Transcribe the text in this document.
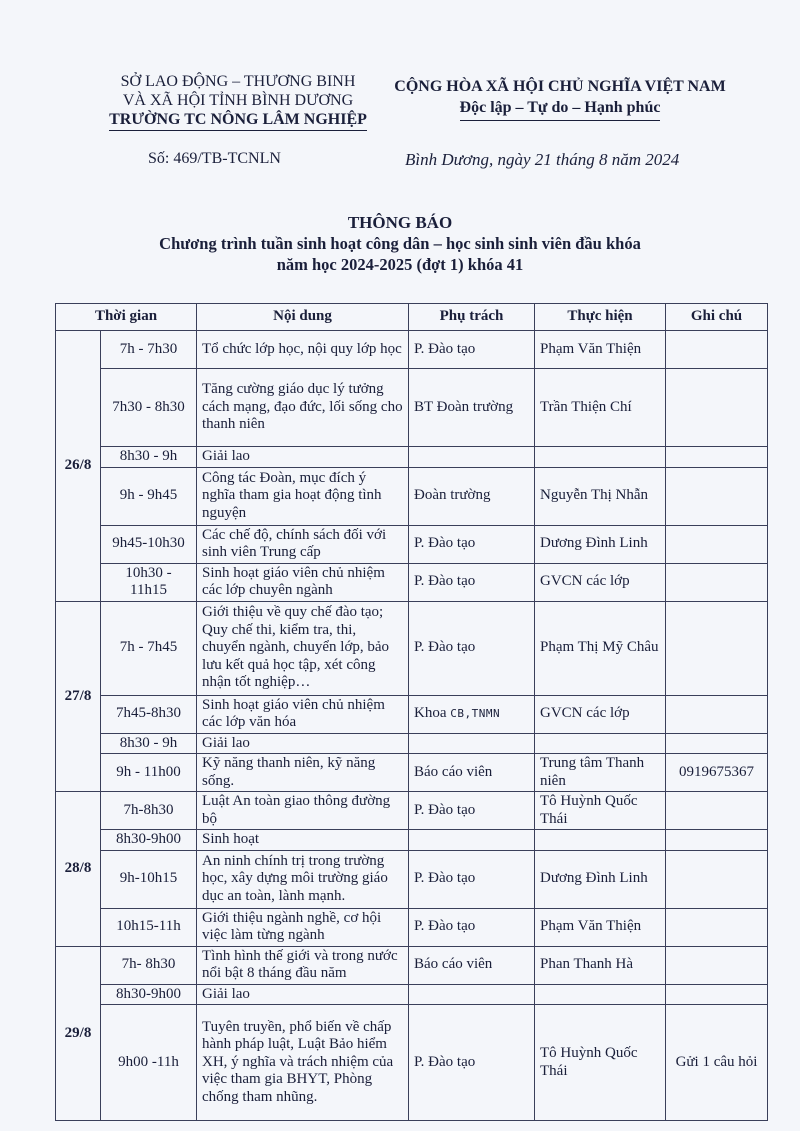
SỞ LAO ĐỘNG – THƯƠNG BINH
VÀ XÃ HỘI TỈNH BÌNH DƯƠNG
TRƯỜNG TC NÔNG LÂM NGHIỆP
CỘNG HÒA XÃ HỘI CHỦ NGHĨA VIỆT NAM
Độc lập – Tự do – Hạnh phúc
Số: 469/TB-TCNLN	Bình Dương, ngày 21 tháng 8 năm 2024
THÔNG BÁO
Chương trình tuần sinh hoạt công dân – học sinh sinh viên đầu khóa
năm học 2024-2025 (đợt 1) khóa 41
Thời gian		Nội dung	Phụ trách	Thực hiện	Ghi chú
26/8	7h - 7h30	Tổ chức lớp học, nội quy lớp học	P. Đào tạo	Phạm Văn Thiện	
	7h30 - 8h30	Tăng cường giáo dục lý tưởng cách mạng, đạo đức, lối sống cho thanh niên	BT Đoàn trường	Trần Thiện Chí	
	8h30 - 9h	Giải lao			
	9h - 9h45	Công tác Đoàn, mục đích ý nghĩa tham gia hoạt động tình nguyện	Đoàn trường	Nguyễn Thị Nhẫn	
	9h45-10h30	Các chế độ, chính sách đối với sinh viên Trung cấp	P. Đào tạo	Dương Đình Linh	
	10h30 - 11h15	Sinh hoạt giáo viên chủ nhiệm các lớp chuyên ngành	P. Đào tạo	GVCN các lớp	
27/8	7h - 7h45	Giới thiệu về quy chế đào tạo; Quy chế thi, kiểm tra, thi, chuyển ngành, chuyển lớp, bảo lưu kết quả học tập, xét công nhận tốt nghiệp…	P. Đào tạo	Phạm Thị Mỹ Châu	
	7h45-8h30	Sinh hoạt giáo viên chủ nhiệm các lớp văn hóa	Khoa CB,TNMN	GVCN các lớp	
	8h30 - 9h	Giải lao			
	9h - 11h00	Kỹ năng thanh niên, kỹ năng sống.	Báo cáo viên	Trung tâm Thanh niên	0919675367
28/8	7h-8h30	Luật An toàn giao thông đường bộ	P. Đào tạo	Tô Huỳnh Quốc Thái	
	8h30-9h00	Sinh hoạt			
	9h-10h15	An ninh chính trị trong trường học, xây dựng môi trường giáo dục an toàn, lành mạnh.	P. Đào tạo	Dương Đình Linh	
	10h15-11h	Giới thiệu ngành nghề, cơ hội việc làm từng ngành	P. Đào tạo	Phạm Văn Thiện	
29/8	7h- 8h30	Tình hình thế giới và trong nước nổi bật 8 tháng đầu năm	Báo cáo viên	Phan Thanh Hà	
	8h30-9h00	Giải lao			
	9h00 -11h	Tuyên truyền, phổ biến về chấp hành pháp luật, Luật Bảo hiểm XH, ý nghĩa và trách nhiệm của việc tham gia BHYT, Phòng chống tham nhũng.	P. Đào tạo	Tô Huỳnh Quốc Thái	Gửi 1 câu hỏi
